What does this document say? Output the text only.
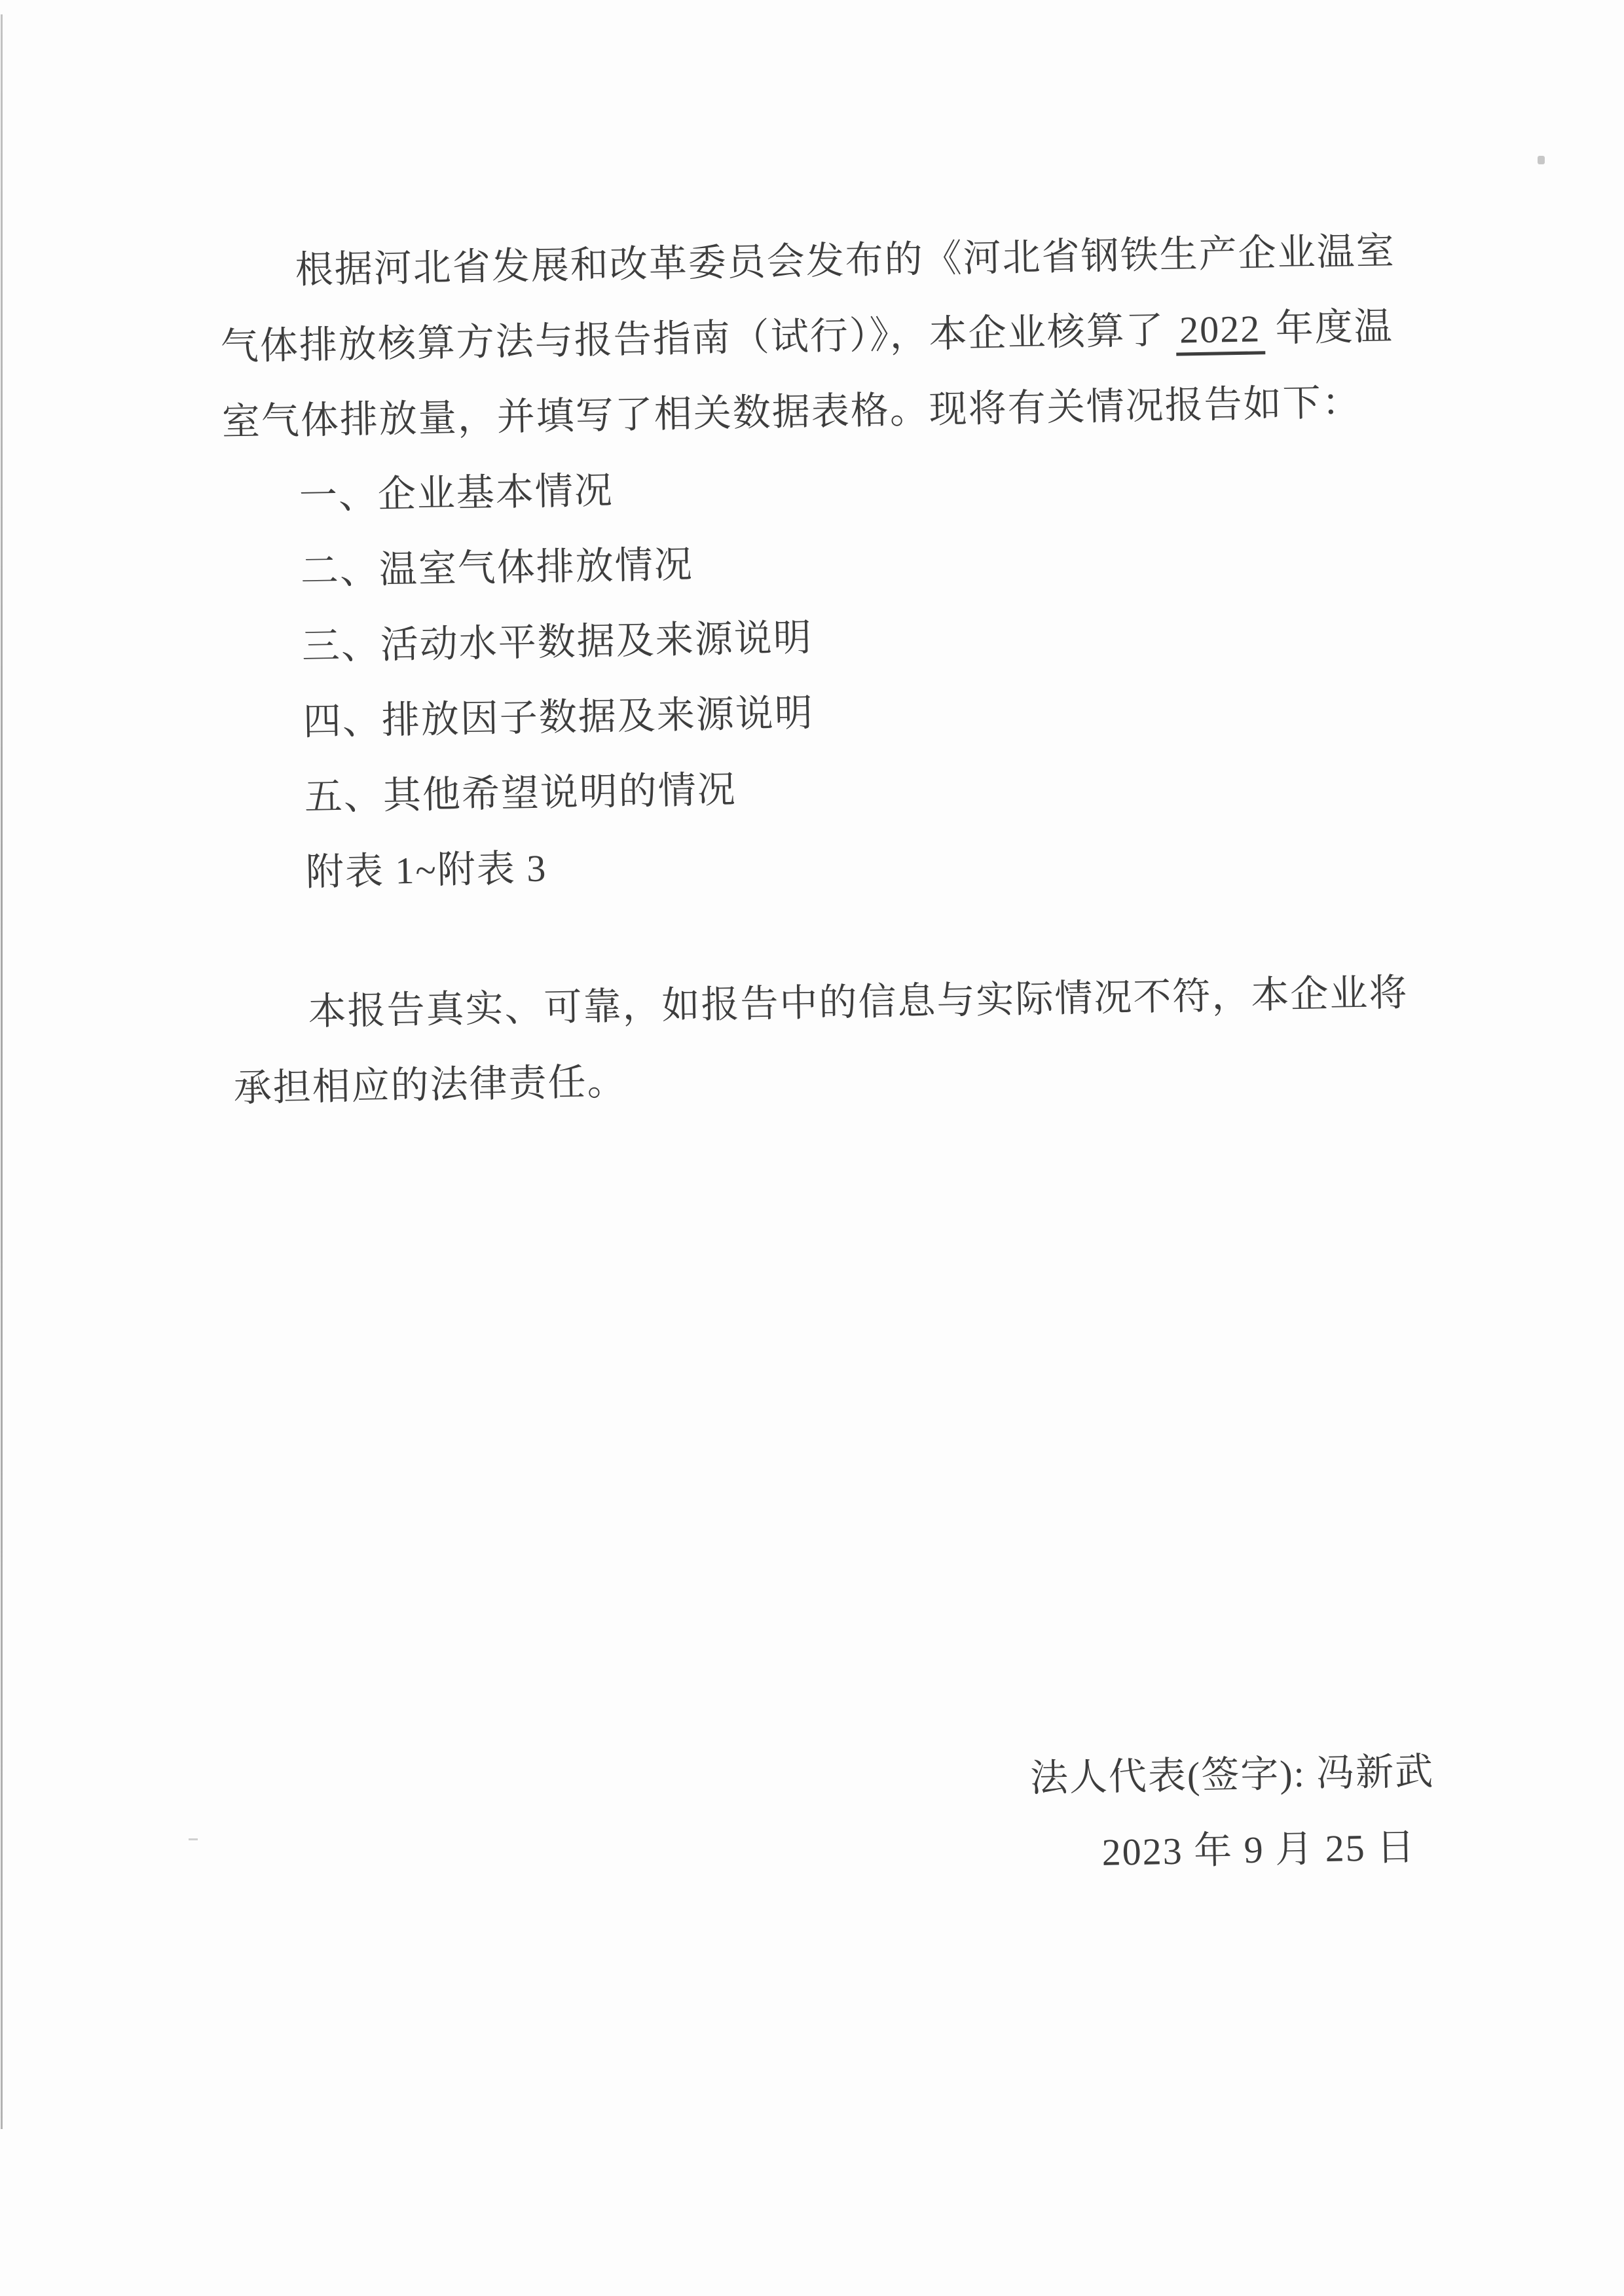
根据河北省发展和改革委员会发布的《河北省钢铁生产企业温室

气体排放核算方法与报告指南（试行）》，本企业核算了 2022 年度温

室气体排放量，并填写了相关数据表格。现将有关情况报告如下：

一、企业基本情况

二、温室气体排放情况

三、活动水平数据及来源说明

四、排放因子数据及来源说明

五、其他希望说明的情况

附表 1~附表 3

本报告真实、可靠，如报告中的信息与实际情况不符，本企业将

承担相应的法律责任。

法人代表(签字): 冯新武

2023 年 9 月 25 日
